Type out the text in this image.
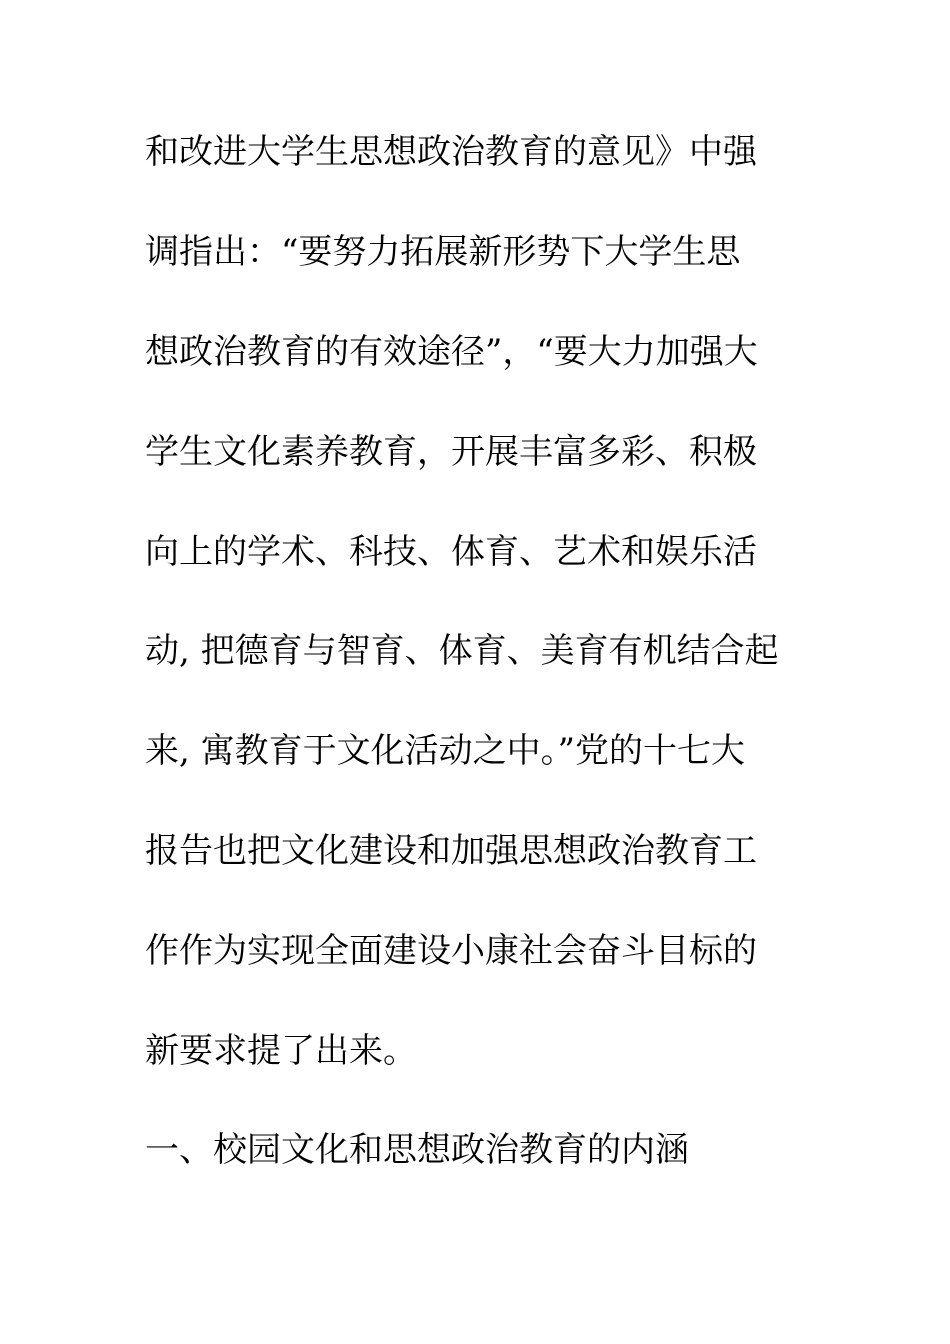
和改进大学生思想政治教育的意见》中强
调指出：“要努力拓展新形势下大学生思
想政治教育的有效途径”，“要大力加强大
学生文化素养教育，开展丰富多彩、积极
向上的学术、科技、体育、艺术和娱乐活
动, 把德育与智育、体育、美育有机结合起
来, 寓教育于文化活动之中。”党的十七大
报告也把文化建设和加强思想政治教育工
作作为实现全面建设小康社会奋斗目标的
新要求提了出来。
一、校园文化和思想政治教育的内涵
